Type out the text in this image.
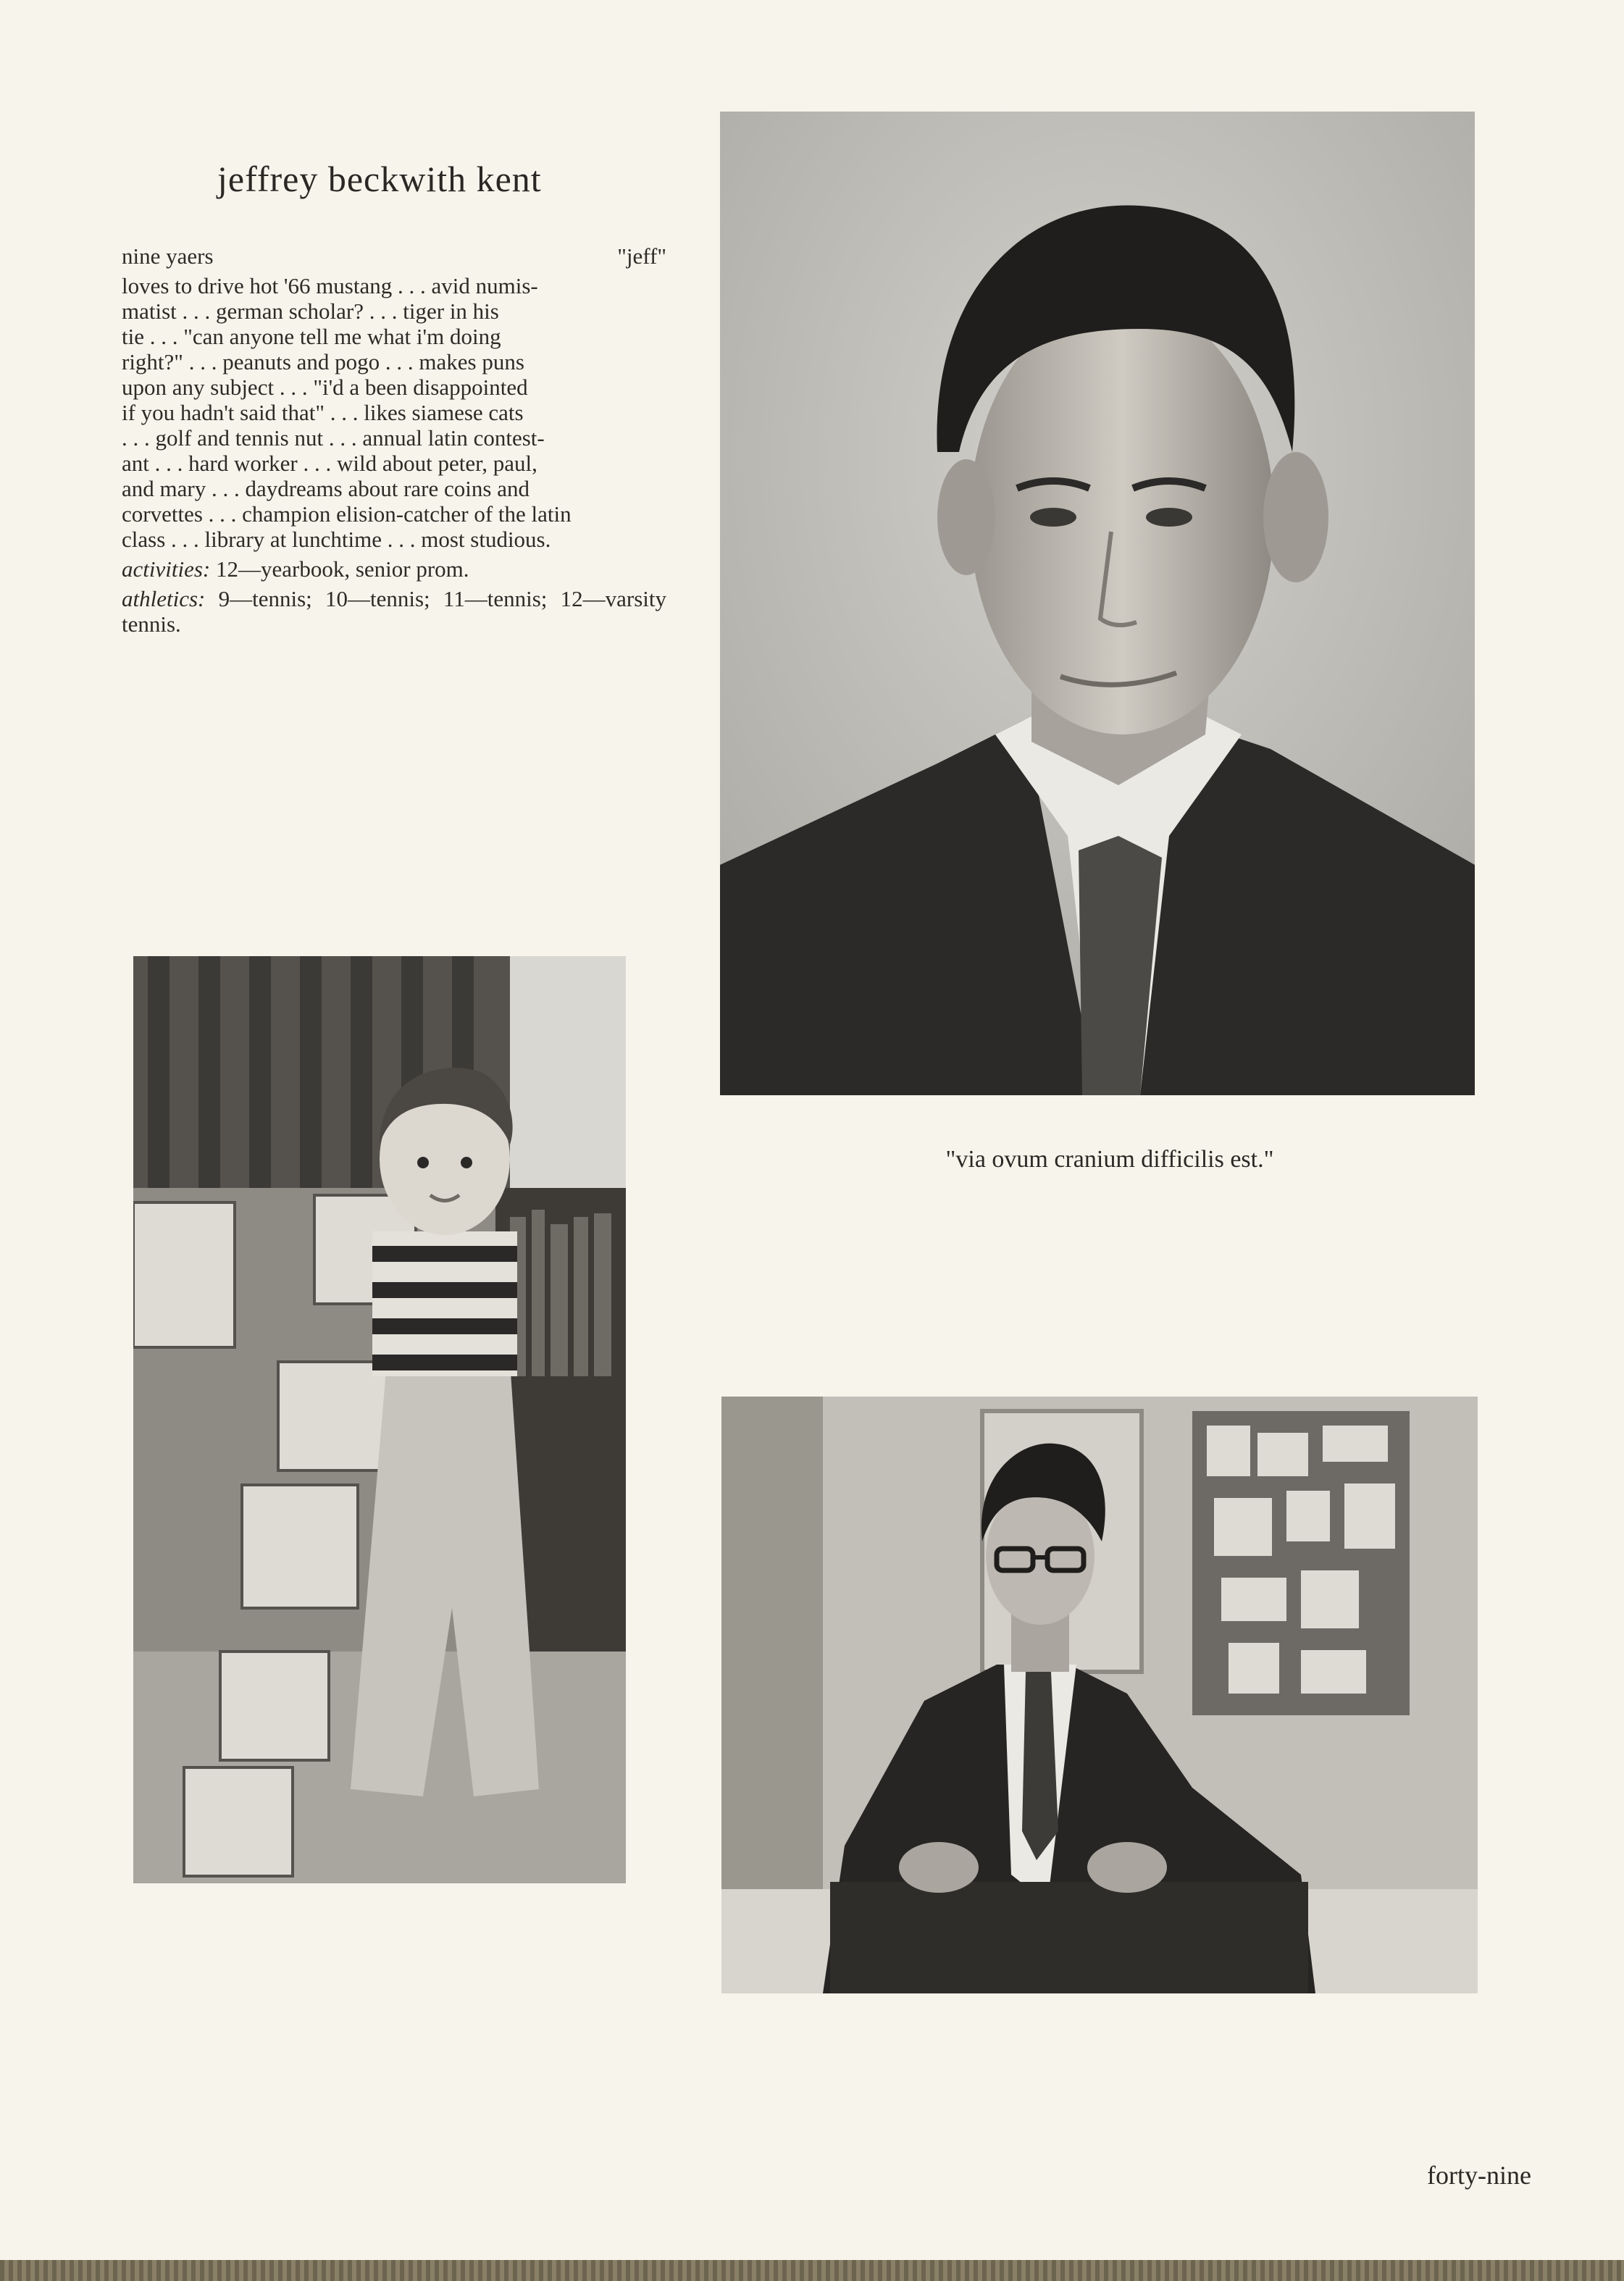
jeffrey beckwith kent
nine yaers	"jeff"

loves to drive hot '66 mustang . . . avid numis-

matist . . . german scholar? . . . tiger in his

tie . . . "can anyone tell me what i'm doing

right?" . . . peanuts and pogo . . . makes puns

upon any subject . . . "i'd a been disappointed

if you hadn't said that" . . . likes siamese cats

. . . golf and tennis nut . . . annual latin contest-

ant . . . hard worker . . . wild about peter, paul,

and mary . . . daydreams about rare coins and

corvettes . . . champion elision-catcher of the latin

class . . . library at lunchtime . . . most studious.

activities: 12—yearbook, senior prom.

athletics: 9—tennis; 10—tennis; 11—tennis; 12—varsity tennis.

"via ovum cranium difficilis est."
forty-nine
